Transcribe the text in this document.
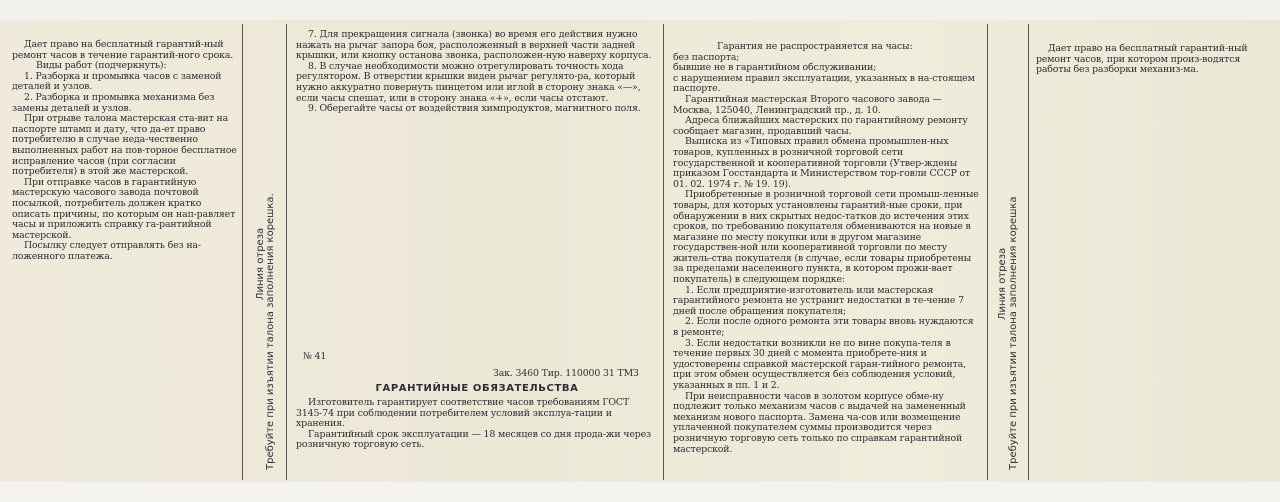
Дает право на бесплатный гарантий-ный ремонт часов в течение гарантий-ного срока.

Виды работ (подчеркнуть):

1. Разборка и промывка часов с заменой деталей и узлов.

2. Разборка и промывка механизма без замены деталей и узлов.

При отрыве талона мастерская ста-вит на паспорте штамп и дату, что да-ет право потребителю в случае неда-чественно выполненных работ на пов-торное бесплатное исправление часов (при согласии потребителя) в этой же мастерской.

При отправке часов в гарантийную мастерскую часового завода почтовой посылкой, потребитель должен кратко описать причины, по которым он нап-равляет часы и приложить справку га-рантийной мастерской.

Посылку следует отправлять без на-ложенного платежа.	Линия отреза Требуйте при изъятии талона заполнения корешка.

7. Для прекращения сигнала (звонка) во время его действия нужно нажать на рычаг запора боя, расположенный в верхней части задней крышки, или кнопку останова звонка, расположен-ную наверху корпуса.

8. В случае необходимости можно отрегулировать точность хода регулятором. В отверстии крышки виден рычаг регулято-ра, который нужно аккуратно повернуть пинцетом или иглой в сторону знака «—», если часы спешат, или в сторону знака «+», если часы отстают.

9. Оберегайте часы от воздействия химпродуктов, магнитного поля.

№ 41
Зак. 3460 Тир. 110000 31 ТМЗ
ГАРАНТИЙНЫЕ ОБЯЗАТЕЛЬСТВА

Изготовитель гарантирует соответствие часов требованиям ГОСТ 3145-74 при соблюдении потребителем условий эксплуа-тации и хранения.

Гарантийный срок эксплуатации — 18 месяцев со дня прода-жи через розничную торговую сеть.

Гарантия не распространяется на часы:

без паспорта;

бывшие не в гарантийном обслуживании;

с нарушением правил эксплуатации, указанных в на-стоящем паспорте.

Гарантийная мастерская Второго часового завода — Москва, 125040, Ленинградский пр., д. 10.

Адреса ближайших мастерских по гарантийному ремонту сообщает магазин, продавший часы.

Выписка из «Типовых правил обмена промышлен-ных товаров, купленных в розничной торговой сети государственной и кооперативной торговли (Утвер-ждены приказом Госстандарта и Министерством тор-говли СССР от 01. 02. 1974 г. № 19. 19).

Приобретенные в розничной торговой сети промыш-ленные товары, для которых установлены гарантий-ные сроки, при обнаружении в них скрытых недос-татков до истечения этих сроков, по требованию покупателя обмениваются на новые в магазине по месту покупки или в другом магазине государствен-ной или кооперативной торговли по месту житель-ства покупателя (в случае, если товары приобретены за пределами населенного пункта, в котором прожи-вает покупатель) в следующем порядке:

1. Если предприятие-изготовитель или мастерская гарантийного ремонта не устранит недостатки в те-чение 7 дней после обращения покупателя;

2. Если после одного ремонта эти товары вновь нуждаются в ремонте;

3. Если недостатки возникли не по вине покупа-теля в течение первых 30 дней с момента приобрете-ния и удостоверены справкой мастерской гаран-тийного ремонта, при этом обмен осуществляется без соблюдения условий, указанных в пп. 1 и 2.

При неисправности часов в золотом корпусе обме-ну подлежит только механизм часов с выдачей на замененный механизм нового паспорта. Замена ча-сов или возмещение уплаченной покупателем суммы производится через розничную торговую сеть только по справкам гарантийной мастерской.

Линия отреза Требуйте при изъятии талона заполнения корешка

Дает право на бесплатный гарантий-ный ремонт часов, при котором произ-водятся работы без разборки механиз-ма.
